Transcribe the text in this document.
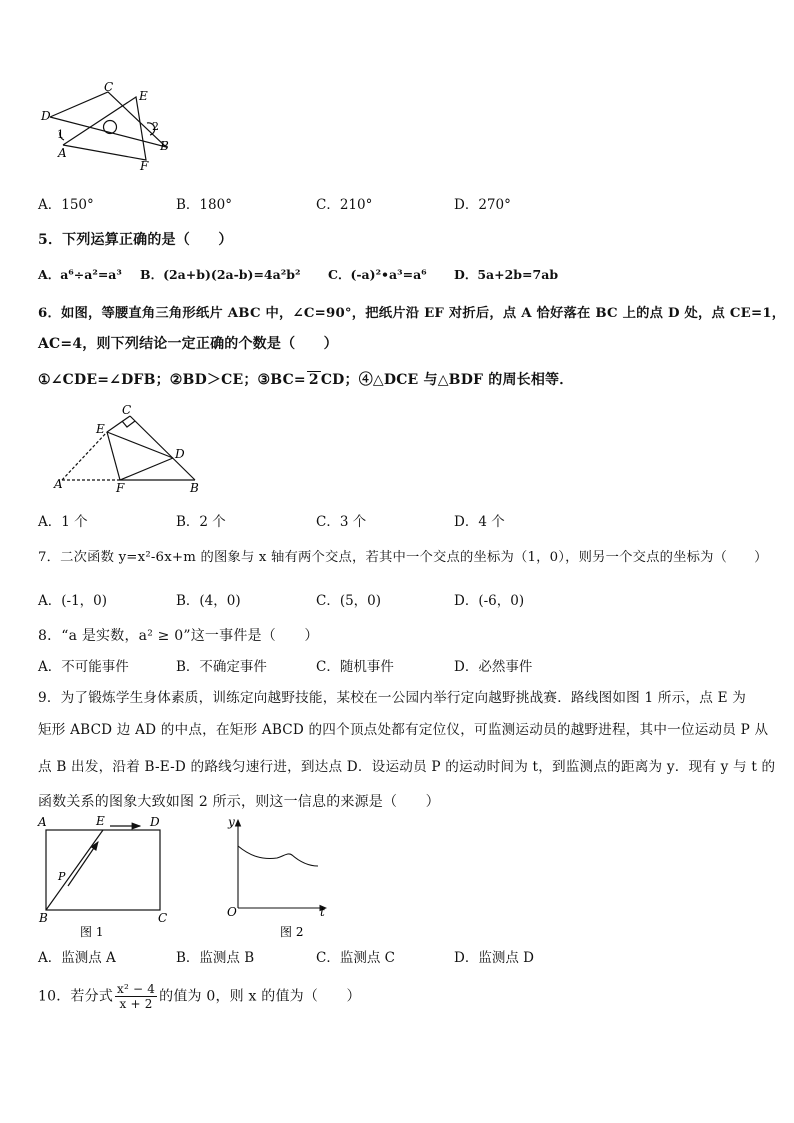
D
C
E
1
2
A	B
F
A．150°	B．180°	C．210°	D．270°
5．下列运算正确的是（　　）
A．a⁶÷a²=a³ B．(2a+b)(2a-b)=4a²b² C．(-a)²•a³=a⁶ D．5a+2b=7ab
6．如图，等腰直角三角形纸片 ABC 中，∠C=90°，把纸片沿 EF 对折后，点 A 恰好落在 BC 上的点 D 处，点 CE=1，
AC=4，则下列结论一定正确的个数是（　　）
①∠CDE=∠DFB；②BD＞CE；③BC= 2 CD；④△DCE 与△BDF 的周长相等．
C
E
D
A	F	B
A．1 个	B．2 个	C．3 个	D．4 个
7．二次函数 y=x²-6x+m 的图象与 x 轴有两个交点，若其中一个交点的坐标为（1，0），则另一个交点的坐标为（　　）
A．(-1，0)	B．(4，0)	C．(5，0)	D．(-6，0)
8．“a 是实数，a² ≥ 0”这一事件是（　　）
A．不可能事件	B．不确定事件	C．随机事件	D．必然事件
9．为了锻炼学生身体素质，训练定向越野技能，某校在一公园内举行定向越野挑战赛．路线图如图 1 所示，点 E 为
矩形 ABCD 边 AD 的中点，在矩形 ABCD 的四个顶点处都有定位仪，可监测运动员的越野进程，其中一位运动员 P 从
点 B 出发，沿着 B-E-D 的路线匀速行进，到达点 D．设运动员 P 的运动时间为 t，到监测点的距离为 y．现有 y 与 t 的
函数关系的图象大致如图 2 所示，则这一信息的来源是（　　）
A	E	D
P
B	C
图 1
y
O	t
图 2
A．监测点 A	B．监测点 B	C．监测点 C	D．监测点 D
10．若分式 $\frac{\text{x² − 4}}{x + 2}$ 的值为 0，则 x 的值为（　　）
